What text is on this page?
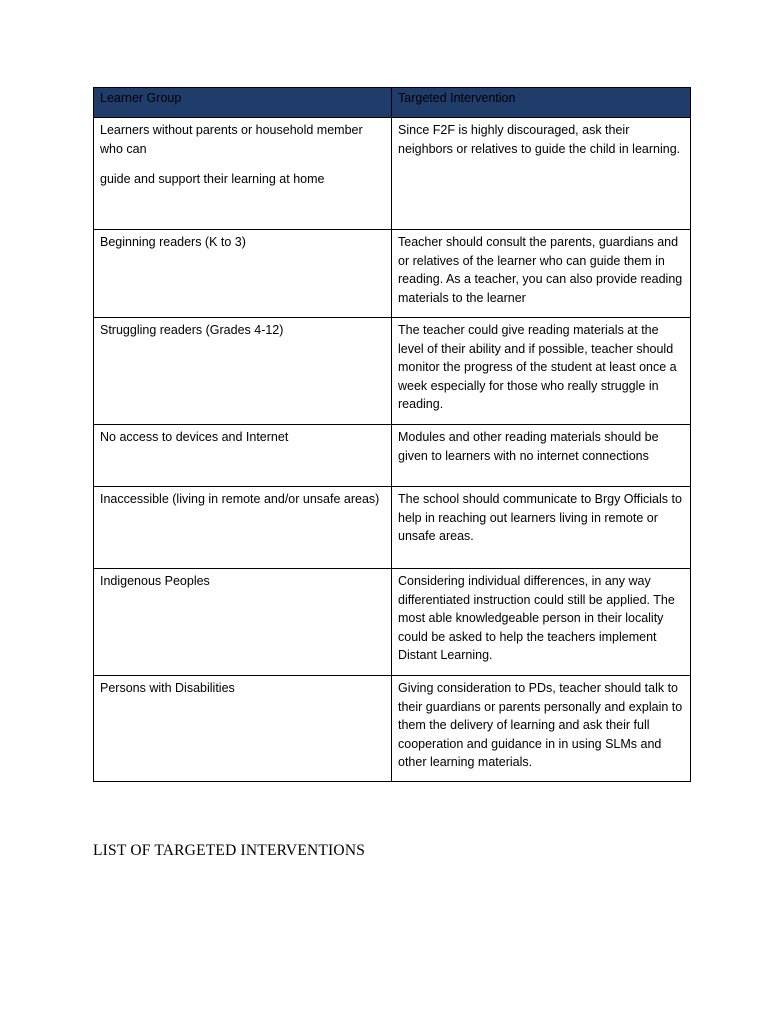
Learner Group	Targeted Intervention

Learners without parents or household member who can

guide and support their learning at home	Since F2F is highly discouraged, ask their neighbors or relatives to guide the child in learning.
Beginning readers (K to 3)	Teacher should consult the parents, guardians and or relatives of the learner who can guide them in reading. As a teacher, you can also provide reading materials to the learner
Struggling readers (Grades 4-12)	The teacher could give reading materials at the level of their ability and if possible, teacher should monitor the progress of the student at least once a week especially for those who really struggle in reading.
No access to devices and Internet	Modules and other reading materials should be given to learners with no internet connections
Inaccessible (living in remote and/or unsafe areas)	The school should communicate to Brgy Officials to help in reaching out learners living in remote or unsafe areas.
Indigenous Peoples	Considering individual differences, in any way differentiated instruction could still be applied. The most able knowledgeable person in their locality could be asked to help the teachers implement Distant Learning.
Persons with Disabilities	Giving consideration to PDs, teacher should talk to their guardians or parents personally and explain to them the delivery of learning and ask their full cooperation and guidance in in using SLMs and other learning materials.

LIST OF TARGETED INTERVENTIONS
